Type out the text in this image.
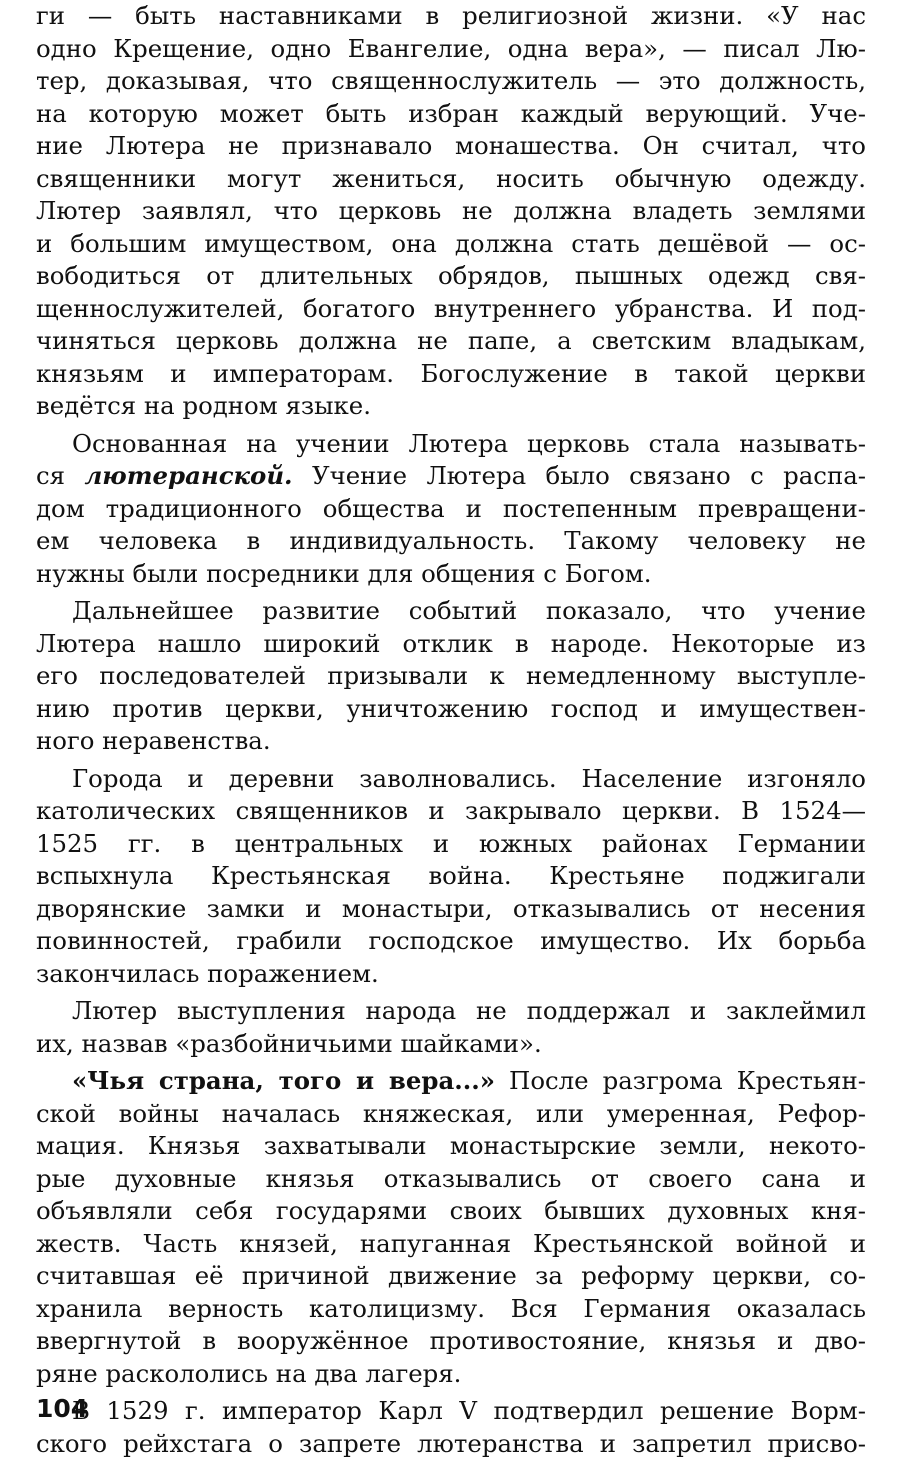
ги — быть наставниками в религиозной жизни. «У нас
одно Крещение, одно Евангелие, одна вера», — писал Лю-
тер, доказывая, что священнослужитель — это должность,
на которую может быть избран каждый верующий. Уче-
ние Лютера не признавало монашества. Он считал, что
священники могут жениться, носить обычную одежду.
Лютер заявлял, что церковь не должна владеть землями
и большим имуществом, она должна стать дешёвой — ос-
вободиться от длительных обрядов, пышных одежд свя-
щеннослужителей, богатого внутреннего убранства. И под-
чиняться церковь должна не папе, а светским владыкам,
князьям и императорам. Богослужение в такой церкви
ведётся на родном языке.
Основанная на учении Лютера церковь стала называть-
ся лютеранской. Учение Лютера было связано с распа-
дом традиционного общества и постепенным превращени-
ем человека в индивидуальность. Такому человеку не
нужны были посредники для общения с Богом.
Дальнейшее развитие событий показало, что учение
Лютера нашло широкий отклик в народе. Некоторые из
его последователей призывали к немедленному выступле-
нию против церкви, уничтожению господ и имуществен-
ного неравенства.
Города и деревни заволновались. Население изгоняло
католических священников и закрывало церкви. В 1524—
1525 гг. в центральных и южных районах Германии
вспыхнула Крестьянская война. Крестьяне поджигали
дворянские замки и монастыри, отказывались от несения
повинностей, грабили господское имущество. Их борьба
закончилась поражением.
Лютер выступления народа не поддержал и заклеймил
их, назвав «разбойничьими шайками».
«Чья страна, того и вера...» После разгрома Крестьян-
ской войны началась княжеская, или умеренная, Рефор-
мация. Князья захватывали монастырские земли, некото-
рые духовные князья отказывались от своего сана и
объявляли себя государями своих бывших духовных кня-
жеств. Часть князей, напуганная Крестьянской войной и
считавшая её причиной движение за реформу церкви, со-
хранила верность католицизму. Вся Германия оказалась
ввергнутой в вооружённое противостояние, князья и дво-
ряне раскололись на два лагеря.
В 1529 г. император Карл V подтвердил решение Ворм-
ского рейхстага о запрете лютеранства и запретил присво-
104
